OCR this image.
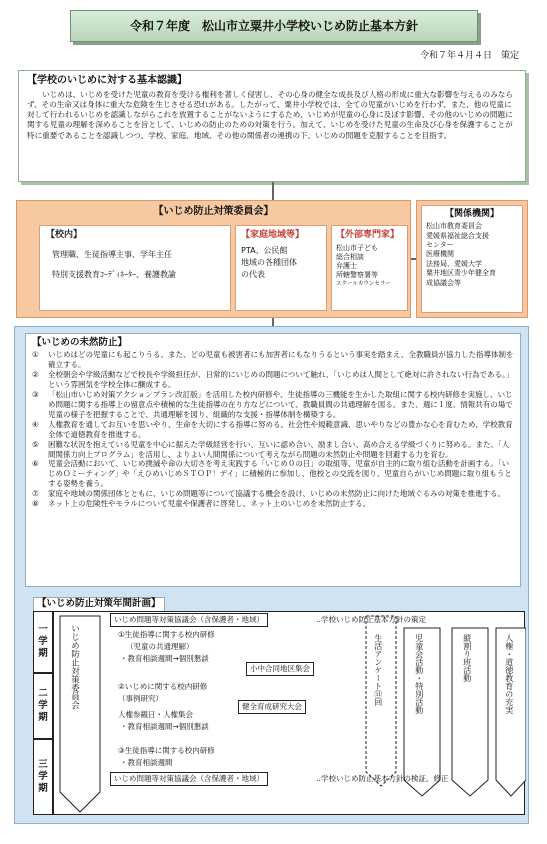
令和７年度　松山市立粟井小学校いじめ防止基本方針
令和７年４月４日　策定
【学校のいじめに対する基本認識】
いじめは、いじめを受けた児童の教育を受ける権利を著しく侵害し、その心身の健全な成長及び人格の形成に重大な影響を与えるのみならず、その生命又は身体に重大な危険を生じさせる恐れがある。したがって、粟井小学校では、全ての児童がいじめを行わず、また、他の児童に対して行われるいじめを認識しながらこれを放置することがないようにするため、いじめが児童の心身に及ぼす影響、その他のいじめの問題に関する児童の理解を深めることを旨として、いじめの防止のための対策を行う。加えて、いじめを受けた児童の生命及び心身を保護することが特に重要であることを認識しつつ、学校、家庭、地域、その他の関係者の連携の下、いじめの問題を克服することを目指す。
【いじめ防止対策委員会】
【校内】
管理職、生徒指導主事、学年主任
特別支援教育ｺｰﾃﾞｨﾈｰﾀｰ、養護教諭
【家庭地域等】
PTA、公民館
地域の各種団体
の代表
【外部専門家】
松山市子ども
総合相談
弁護士
所轄警察署等
スクールカウンセラー
【関係機関】
松山市教育委員会
愛媛県福祉総合支援
センター
医療機関
法務局、愛媛大学
粟井地区青少年健全育
成協議会等
【いじめの未然防止】
①	いじめはどの児童にも起こりうる、また、どの児童も被害者にも加害者にもなりうるという事実を踏まえ、全教職員が協力した指導体制を確立する。
②	全校朝会や学級活動などで校長や学級担任が、日常的にいじめの問題について触れ、「いじめは人間として絶対に許されない行為である。」という雰囲気を学校全体に醸成する。
③	「松山市いじめ対策アクションプラン改訂版」を活用した校内研修や、生徒指導の三機能を生かした取組に関する校内研修を実施し、いじめ問題に関する指導上の留意点や積極的な生徒指導の在り方などについて、教職員間の共通理解を図る。また、週に１度、情報共有の場で児童の様子を把握することで、共通理解を図り、組織的な支援・指導体制を構築する。
④	人権教育を通してお互いを思いやり、生命を大切にする指導に努める。社会性や規範意識、思いやりなどの豊かな心を育むため、学校教育全体で道徳教育を推進する。
⑤	困難な状況を抱えている児童を中心に据えた学級経営を行い、互いに認め合い、励まし合い、高め合える学級づくりに努める。また、「人間関係力向上プログラム」を活用し、よりよい人間関係について考えながら問題の未然防止や問題を回避する力を育む。
⑥	児童会活動において、いじめ撲滅や命の大切さを考え実践する「いじめ０の日」の取組等、児童が自主的に取り組む活動を計画する。「いじめＯミーティング」や「えひめいじめＳＴＯＰ！デイ」に積極的に参加し、他校との交流を図り、児童自らがいじめ問題に取り組もうとする姿勢を養う。
⑦	家庭や地域の関係団体とともに、いじめ問題等について協議する機会を設け、いじめの未然防止に向けた地域ぐるみの対策を推進する。
⑧	ネット上の危険性やモラルについて児童や保護者に啓発し、ネット上のいじめを未然防止する。
【いじめ防止対策年間計画】
一
学
期
二
学
期
三
学
期
いじめ防止対策委員会
いじめ問題等対策協議会（含保護者・地域）	‥学校いじめ防止基本方針の策定
①生徒指導に関する校内研修
（児童の共通理解）
・教育相談週間→個別懇談
小中合同地区集会
②いじめに関する校内研修
（事例研究）
健全育成研究大会
人権参観日・人権集会
・教育相談週間→個別懇談
③生徒指導に関する校内研修
・教育相談週間
いじめ問題等対策協議会（含保護者・地域）	‥学校いじめ防止基本方針の検証、修正
生活アンケート⑪回	児童会活動・特別活動	縦割り班活動	人権・道徳教育の充実
